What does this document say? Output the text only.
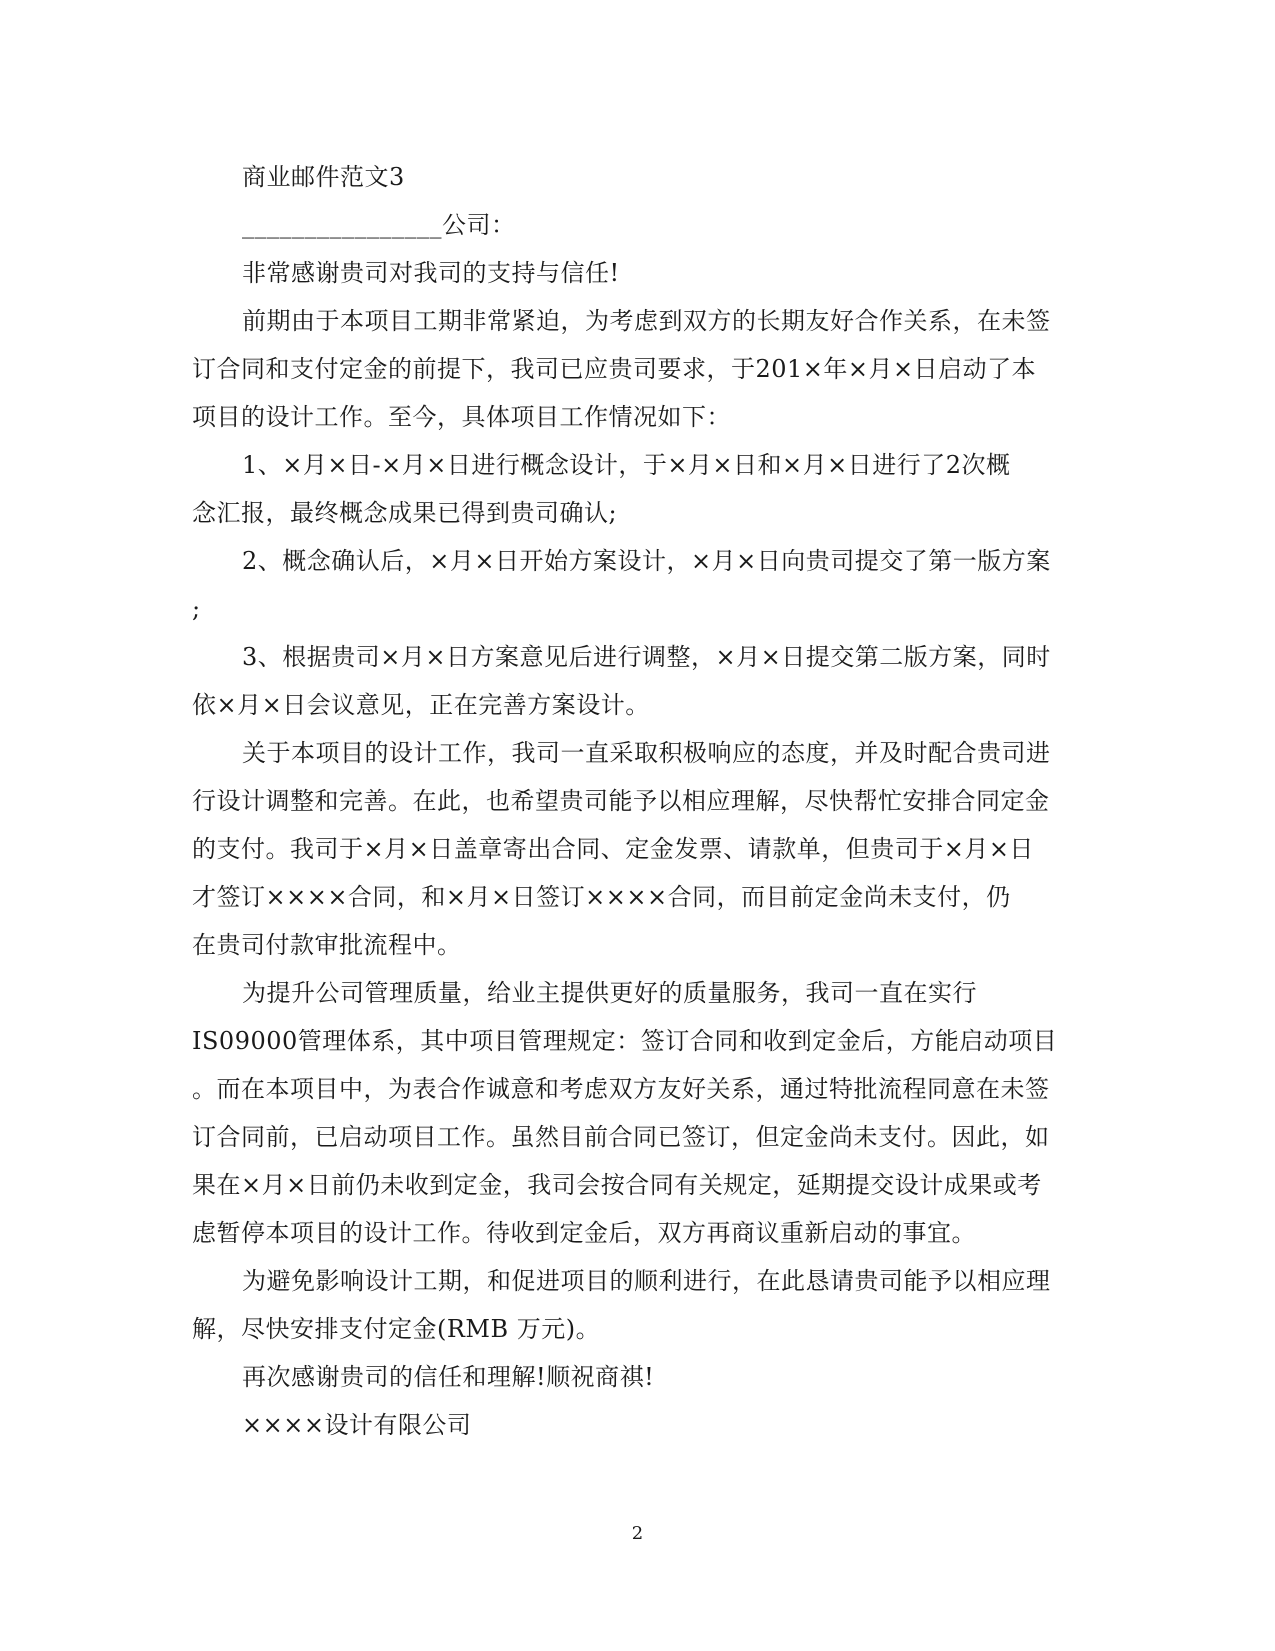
商业邮件范文3
________________公司：
非常感谢贵司对我司的支持与信任!
前期由于本项目工期非常紧迫，为考虑到双方的长期友好合作关系，在未签
订合同和支付定金的前提下，我司已应贵司要求，于201×年×月×日启动了本
项目的设计工作。至今，具体项目工作情况如下：
1、×月×日-×月×日进行概念设计，于×月×日和×月×日进行了2次概
念汇报，最终概念成果已得到贵司确认;
2、概念确认后，×月×日开始方案设计，×月×日向贵司提交了第一版方案
;
3、根据贵司×月×日方案意见后进行调整，×月×日提交第二版方案，同时
依×月×日会议意见，正在完善方案设计。
关于本项目的设计工作，我司一直采取积极响应的态度，并及时配合贵司进
行设计调整和完善。在此，也希望贵司能予以相应理解，尽快帮忙安排合同定金
的支付。我司于×月×日盖章寄出合同、定金发票、请款单，但贵司于×月×日
才签订××××合同，和×月×日签订××××合同，而目前定金尚未支付，仍
在贵司付款审批流程中。
为提升公司管理质量，给业主提供更好的质量服务，我司一直在实行
IS09000管理体系，其中项目管理规定：签订合同和收到定金后，方能启动项目
。而在本项目中，为表合作诚意和考虑双方友好关系，通过特批流程同意在未签
订合同前，已启动项目工作。虽然目前合同已签订，但定金尚未支付。因此，如
果在×月×日前仍未收到定金，我司会按合同有关规定，延期提交设计成果或考
虑暂停本项目的设计工作。待收到定金后，双方再商议重新启动的事宜。
为避免影响设计工期，和促进项目的顺利进行，在此恳请贵司能予以相应理
解，尽快安排支付定金(RMB 万元)。
再次感谢贵司的信任和理解!顺祝商祺!
××××设计有限公司
2
